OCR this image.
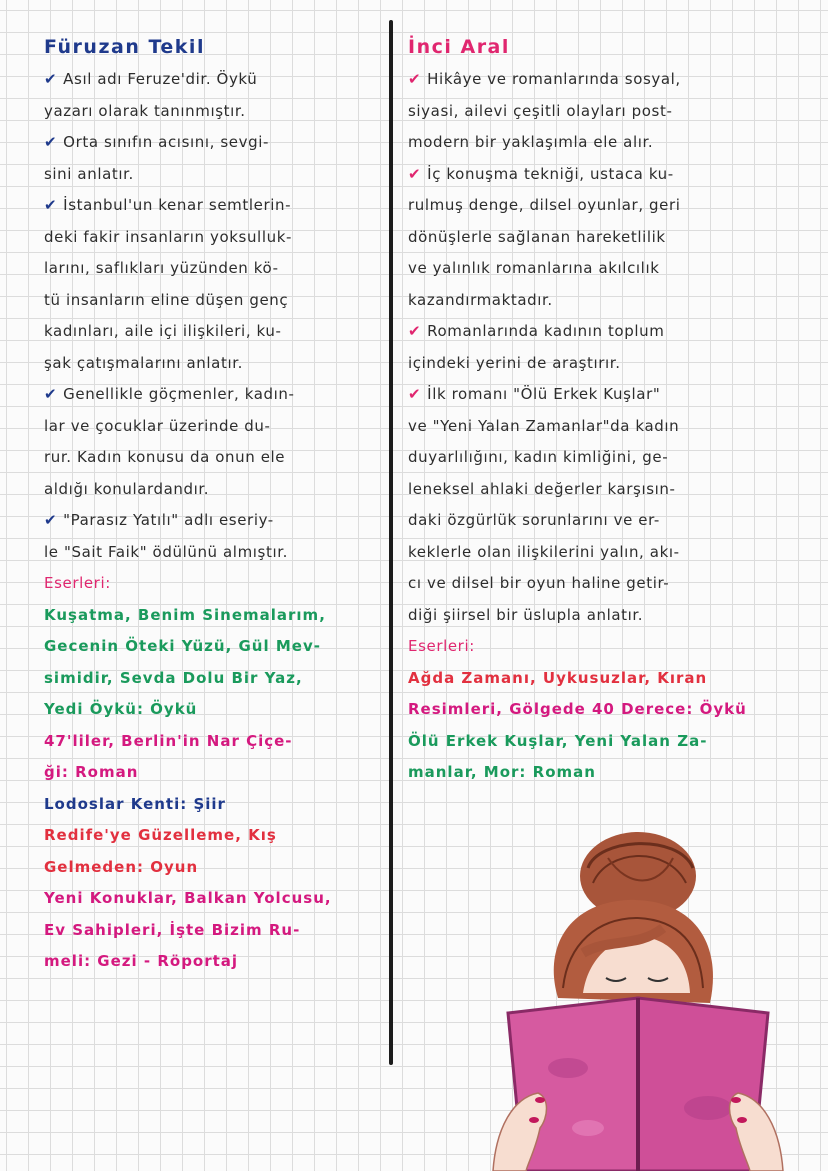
Füruzan Tekil
✔ Asıl adı Feruze'dir. Öykü
yazarı olarak tanınmıştır.
✔ Orta sınıfın acısını, sevgi-
sini anlatır.
✔ İstanbul'un kenar semtlerin-
deki fakir insanların yoksulluk-
larını, saflıkları yüzünden kö-
tü insanların eline düşen genç
kadınları, aile içi ilişkileri, ku-
şak çatışmalarını anlatır.
✔ Genellikle göçmenler, kadın-
lar ve çocuklar üzerinde du-
rur. Kadın konusu da onun ele
aldığı konulardandır.
✔ "Parasız Yatılı" adlı eseriy-
le "Sait Faik" ödülünü almıştır.
Eserleri:
Kuşatma, Benim Sinemalarım,
Gecenin Öteki Yüzü, Gül Mev-
simidir, Sevda Dolu Bir Yaz,
Yedi Öykü: Öykü
47'liler, Berlin'in Nar Çiçe-
ği: Roman
Lodoslar Kenti: Şiir
Redife'ye Güzelleme, Kış
Gelmeden: Oyun
Yeni Konuklar, Balkan Yolcusu,
Ev Sahipleri, İşte Bizim Ru-
meli: Gezi - Röportaj
İnci Aral
✔ Hikâye ve romanlarında sosyal,
siyasi, ailevi çeşitli olayları post-
modern bir yaklaşımla ele alır.
✔ İç konuşma tekniği, ustaca ku-
rulmuş denge, dilsel oyunlar, geri
dönüşlerle sağlanan hareketlilik
ve yalınlık romanlarına akılcılık
kazandırmaktadır.
✔ Romanlarında kadının toplum
içindeki yerini de araştırır.
✔ İlk romanı "Ölü Erkek Kuşlar"
ve "Yeni Yalan Zamanlar"da kadın
duyarlılığını, kadın kimliğini, ge-
leneksel ahlaki değerler karşısın-
daki özgürlük sorunlarını ve er-
keklerle olan ilişkilerini yalın, akı-
cı ve dilsel bir oyun haline getir-
diği şiirsel bir üslupla anlatır.
Eserleri:
Ağda Zamanı, Uykusuzlar, Kıran
Resimleri, Gölgede 40 Derece: Öykü
Ölü Erkek Kuşlar, Yeni Yalan Za-
manlar, Mor: Roman
